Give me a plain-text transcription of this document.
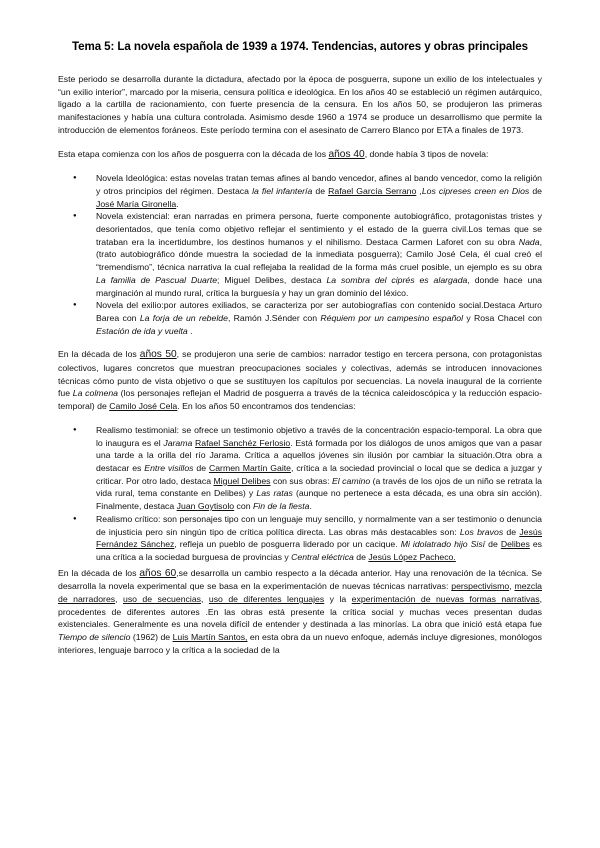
Tema 5: La novela española de 1939 a 1974. Tendencias, autores y obras principales

Este periodo se desarrolla durante la dictadura, afectado por la época de posguerra, supone un exilio de los intelectuales y “un exilio interior”, marcado por la miseria, censura política e ideológica. En los años 40 se estableció un régimen autárquico, ligado a la cartilla de racionamiento, con fuerte presencia de la censura. En los años 50, se produjeron las primeras manifestaciones y había una cultura controlada. Asimismo desde 1960 a 1974 se produce un desarrollismo que permite la introducción de elementos foráneos. Este período termina con el asesinato de Carrero Blanco por ETA a finales de 1973.

Esta etapa comienza con los años de posguerra con la década de los años 40, donde había 3 tipos de novela:

● Novela Ideológica: estas novelas tratan temas afines al bando vencedor, afines al bando vencedor, como la religión y otros principios del régimen. Destaca la fiel infantería de Rafael García Serrano ,Los cipreses creen en Dios de José María Gironella.
● Novela existencial: eran narradas en primera persona, fuerte componente autobiográfico, protagonistas tristes y desorientados, que tenía como objetivo reflejar el sentimiento y el estado de la guerra civil.Los temas que se trataban era la incertidumbre, los destinos humanos y el nihilismo. Destaca Carmen Laforet con su obra Nada, (trato autobiográfico dónde muestra la sociedad de la inmediata posguerra); Camilo José Cela, él cual creó el “tremendismo”, técnica narrativa la cual reflejaba la realidad de la forma más cruel posible, un ejemplo es su obra La familia de Pascual Duarte; Miguel Delibes, destaca La sombra del ciprés es alargada, donde hace una marginación al mundo rural, crítica la burguesía y hay un gran dominio del léxico.
● Novela del exilio:por autores exiliados, se caracteriza por ser autobiografías con contenido social.Destaca Arturo Barea con La forja de un rebelde, Ramón J.Sénder con Réquiem por un campesino español y Rosa Chacel con Estación de ida y vuelta .

En la década de los años 50, se produjeron una serie de cambios: narrador testigo en tercera persona, con protagonistas colectivos, lugares concretos que muestran preocupaciones sociales y colectivas, además se introducen innovaciones técnicas cómo punto de vista objetivo o que se sustituyen los capítulos por secuencias. La novela inaugural de la corriente fue La colmena (los personajes reflejan el Madrid de posguerra a través de la técnica caleidoscópica y la reducción espacio-temporal) de Camilo José Cela. En los años 50 encontramos dos tendencias:

● Realismo testimonial: se ofrece un testimonio objetivo a través de la concentración espacio-temporal. La obra que lo inaugura es el Jarama Rafael Sanchéz Ferlosio. Está formada por los diálogos de unos amigos que van a pasar una tarde a la orilla del río Jarama. Crítica a aquellos jóvenes sin ilusión por cambiar la situación.Otra obra a destacar es Entre visillos de Carmen Martín Gaite, crítica a la sociedad provincial o local que se dedica a juzgar y criticar. Por otro lado, destaca Miguel Delibes con sus obras: El camino (a través de los ojos de un niño se retrata la vida rural, tema constante en Delibes) y Las ratas (aunque no pertenece a esta década, es una obra sin acción). Finalmente, destaca Juan Goytisolo con Fin de la fiesta.
● Realismo crítico: son personajes tipo con un lenguaje muy sencillo, y normalmente van a ser testimonio o denuncia de injusticia pero sin ningún tipo de crítica política directa. Las obras más destacables son: Los bravos de Jesús Fernández Sánchez, refleja un pueblo de posguerra liderado por un cacique. Mi idolatrado hijo Sisí de Delibes es una crítica a la sociedad burguesa de provincias y Central eléctrica de Jesús López Pacheco.

En la década de los años 60,se desarrolla un cambio respecto a la década anterior. Hay una renovación de la técnica. Se desarrolla la novela experimental que se basa en la experimentación de nuevas técnicas narrativas: perspectivismo, mezcla de narradores, uso de secuencias, uso de diferentes lenguajes y la experimentación de nuevas formas narrativas, procedentes de diferentes autores .En las obras está presente la crítica social y muchas veces presentan dudas existenciales. Generalmente es una novela difícil de entender y destinada a las minorías. La obra que inició está etapa fue Tiempo de silencio (1962) de Luis Martín Santos, en esta obra da un nuevo enfoque, además incluye digresiones, monólogos interiores, lenguaje barroco y la crítica a la sociedad de la
